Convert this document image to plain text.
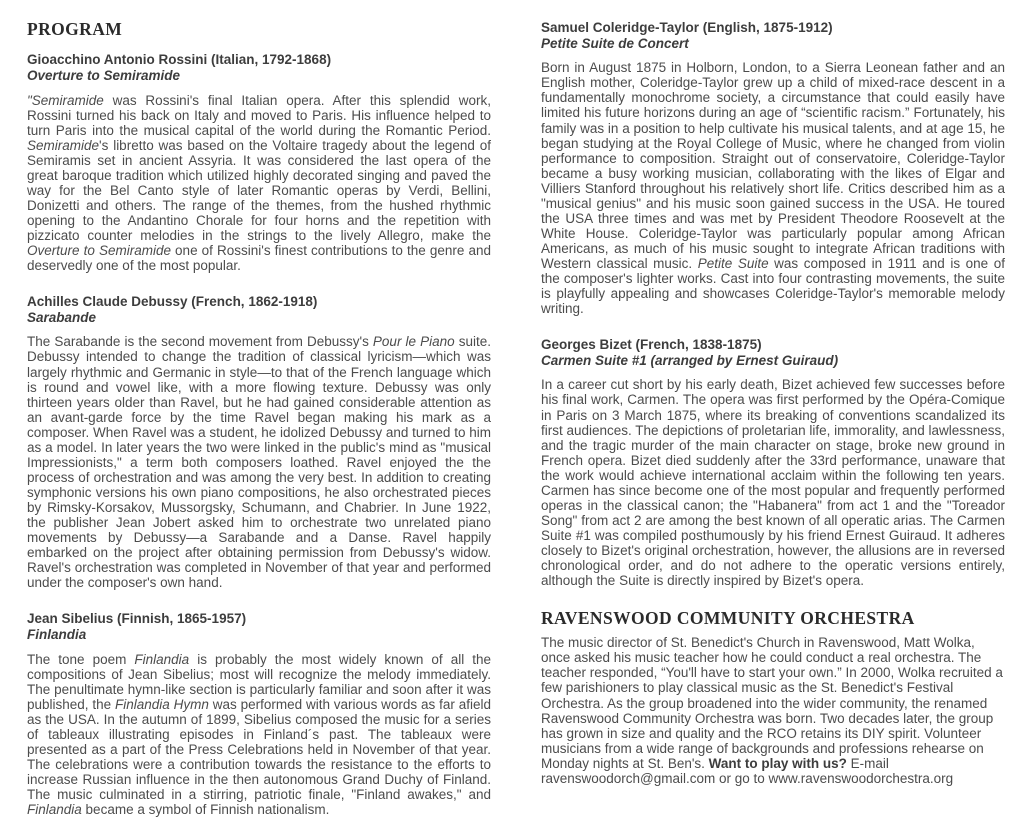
PROGRAM
Gioacchino Antonio Rossini (Italian, 1792-1868)
Overture to Semiramide

"Semiramide was Rossini's final Italian opera. After this splendid work, Rossini turned his back on Italy and moved to Paris. His influence helped to turn Paris into the musical capital of the world during the Romantic Period. Semiramide's libretto was based on the Voltaire tragedy about the legend of Semiramis set in ancient Assyria. It was considered the last opera of the great baroque tradition which utilized highly decorated singing and paved the way for the Bel Canto style of later Romantic operas by Verdi, Bellini, Donizetti and others. The range of the themes, from the hushed rhythmic opening to the Andantino Chorale for four horns and the repetition with pizzicato counter melodies in the strings to the lively Allegro, make the Overture to Semiramide one of Rossini's finest contributions to the genre and deservedly one of the most popular.

Achilles Claude Debussy (French, 1862-1918)
Sarabande

The Sarabande is the second movement from Debussy's Pour le Piano suite. Debussy intended to change the tradition of classical lyricism—which was largely rhythmic and Germanic in style—to that of the French language which is round and vowel like, with a more flowing texture. Debussy was only thirteen years older than Ravel, but he had gained considerable attention as an avant-garde force by the time Ravel began making his mark as a composer. When Ravel was a student, he idolized Debussy and turned to him as a model. In later years the two were linked in the public's mind as "musical Impressionists," a term both composers loathed. Ravel enjoyed the the process of orchestration and was among the very best. In addition to creating symphonic versions his own piano compositions, he also orchestrated pieces by Rimsky-Korsakov, Mussorgsky, Schumann, and Chabrier. In June 1922, the publisher Jean Jobert asked him to orchestrate two unrelated piano movements by Debussy—a Sarabande and a Danse. Ravel happily embarked on the project after obtaining permission from Debussy's widow. Ravel's orchestration was completed in November of that year and performed under the composer's own hand.

Jean Sibelius (Finnish, 1865-1957)
Finlandia

The tone poem Finlandia is probably the most widely known of all the compositions of Jean Sibelius; most will recognize the melody immediately. The penultimate hymn-like section is particularly familiar and soon after it was published, the Finlandia Hymn was performed with various words as far afield as the USA. In the autumn of 1899, Sibelius composed the music for a series of tableaux illustrating episodes in Finland´s past. The tableaux were presented as a part of the Press Celebrations held in November of that year. The celebrations were a contribution towards the resistance to the efforts to increase Russian influence in the then autonomous Grand Duchy of Finland. The music culminated in a stirring, patriotic finale, "Finland awakes," and Finlandia became a symbol of Finnish nationalism.

Samuel Coleridge-Taylor (English, 1875-1912)
Petite Suite de Concert

Born in August 1875 in Holborn, London, to a Sierra Leonean father and an English mother, Coleridge-Taylor grew up a child of mixed-race descent in a fundamentally monochrome society, a circumstance that could easily have limited his future horizons during an age of “scientific racism.” Fortunately, his family was in a position to help cultivate his musical talents, and at age 15, he began studying at the Royal College of Music, where he changed from violin performance to composition. Straight out of conservatoire, Coleridge-Taylor became a busy working musician, collaborating with the likes of Elgar and Villiers Stanford throughout his relatively short life. Critics described him as a "musical genius" and his music soon gained success in the USA. He toured the USA three times and was met by President Theodore Roosevelt at the White House. Coleridge-Taylor was particularly popular among African Americans, as much of his music sought to integrate African traditions with Western classical music. Petite Suite was composed in 1911 and is one of the composer's lighter works. Cast into four contrasting movements, the suite is playfully appealing and showcases Coleridge-Taylor's memorable melody writing.

Georges Bizet (French, 1838-1875)
Carmen Suite #1 (arranged by Ernest Guiraud)

In a career cut short by his early death, Bizet achieved few successes before his final work, Carmen. The opera was first performed by the Opéra-Comique in Paris on 3 March 1875, where its breaking of conventions scandalized its first audiences. The depictions of proletarian life, immorality, and lawlessness, and the tragic murder of the main character on stage, broke new ground in French opera. Bizet died suddenly after the 33rd performance, unaware that the work would achieve international acclaim within the following ten years. Carmen has since become one of the most popular and frequently performed operas in the classical canon; the "Habanera" from act 1 and the "Toreador Song" from act 2 are among the best known of all operatic arias. The Carmen Suite #1 was compiled posthumously by his friend Ernest Guiraud. It adheres closely to Bizet's original orchestration, however, the allusions are in reversed chronological order, and do not adhere to the operatic versions entirely, although the Suite is directly inspired by Bizet's opera.

RAVENSWOOD COMMUNITY ORCHESTRA

The music director of St. Benedict's Church in Ravenswood, Matt Wolka, once asked his music teacher how he could conduct a real orchestra. The teacher responded, “You'll have to start your own.” In 2000, Wolka recruited a few parishioners to play classical music as the St. Benedict's Festival Orchestra. As the group broadened into the wider community, the renamed Ravenswood Community Orchestra was born. Two decades later, the group has grown in size and quality and the RCO retains its DIY spirit. Volunteer musicians from a wide range of backgrounds and professions rehearse on Monday nights at St. Ben's. Want to play with us? E-mail ravenswoodorch@gmail.com or go to www.ravenswoodorchestra.org
